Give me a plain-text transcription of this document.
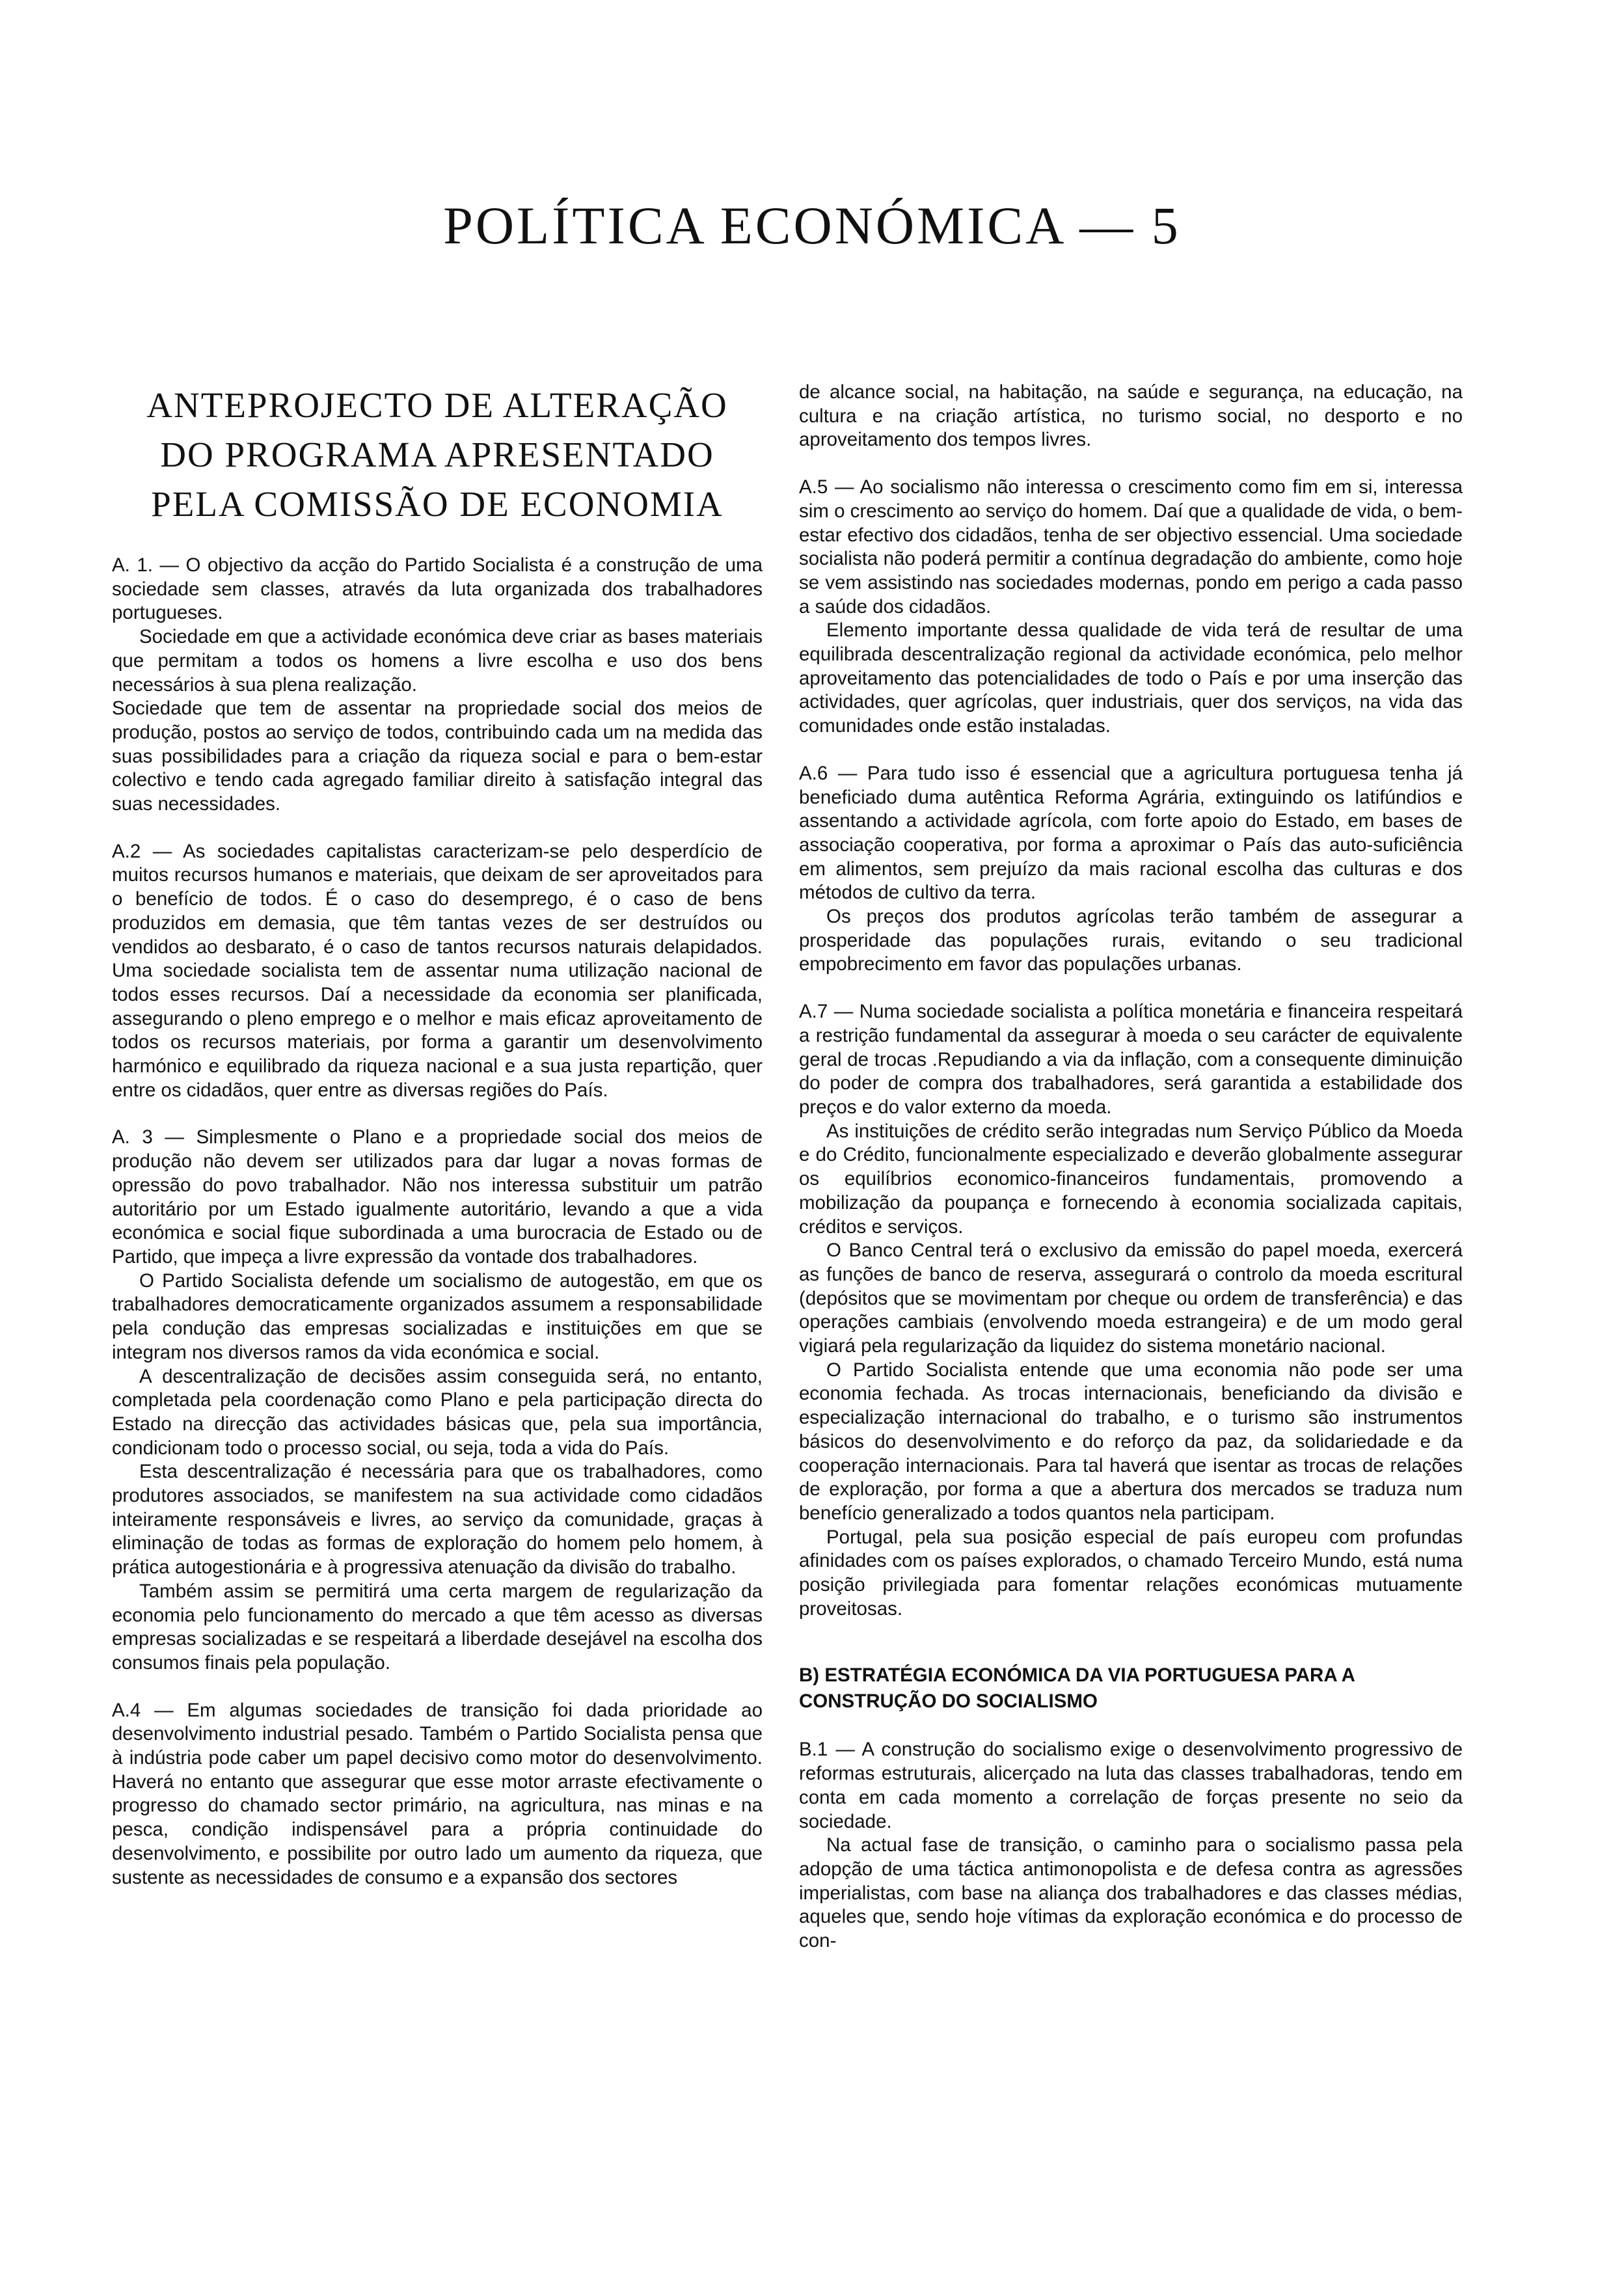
POLÍTICA ECONÓMICA — 5
ANTEPROJECTO DE ALTERAÇÃO
DO PROGRAMA APRESENTADO
PELA COMISSÃO DE ECONOMIA

A. 1. — O objectivo da acção do Partido Socialista é a construção de uma sociedade sem classes, através da luta organizada dos trabalhadores portugueses.

Sociedade em que a actividade económica deve criar as bases materiais que permitam a todos os homens a livre escolha e uso dos bens necessários à sua plena realização.

Sociedade que tem de assentar na propriedade social dos meios de produção, postos ao serviço de todos, contribuindo cada um na medida das suas possibilidades para a criação da riqueza social e para o bem-estar colectivo e tendo cada agregado familiar direito à satisfação integral das suas necessidades.

A.2 — As sociedades capitalistas caracterizam-se pelo desperdício de muitos recursos humanos e materiais, que deixam de ser aproveitados para o benefício de todos. É o caso do desemprego, é o caso de bens produzidos em demasia, que têm tantas vezes de ser destruídos ou vendidos ao desbarato, é o caso de tantos recursos naturais delapidados. Uma sociedade socialista tem de assentar numa utilização nacional de todos esses recursos. Daí a necessidade da economia ser planificada, assegurando o pleno emprego e o melhor e mais eficaz aproveitamento de todos os recursos materiais, por forma a garantir um desenvolvimento harmónico e equilibrado da riqueza nacional e a sua justa repartição, quer entre os cidadãos, quer entre as diversas regiões do País.

A. 3 — Simplesmente o Plano e a propriedade social dos meios de produção não devem ser utilizados para dar lugar a novas formas de opressão do povo trabalhador. Não nos interessa substituir um patrão autoritário por um Estado igualmente autoritário, levando a que a vida económica e social fique subordinada a uma burocracia de Estado ou de Partido, que impeça a livre expressão da vontade dos trabalhadores.

O Partido Socialista defende um socialismo de autogestão, em que os trabalhadores democraticamente organizados assumem a responsabilidade pela condução das empresas socializadas e instituições em que se integram nos diversos ramos da vida económica e social.

A descentralização de decisões assim conseguida será, no entanto, completada pela coordenação como Plano e pela participação directa do Estado na direcção das actividades básicas que, pela sua importância, condicionam todo o processo social, ou seja, toda a vida do País.

Esta descentralização é necessária para que os trabalhadores, como produtores associados, se manifestem na sua actividade como cidadãos inteiramente responsáveis e livres, ao serviço da comunidade, graças à eliminação de todas as formas de exploração do homem pelo homem, à prática autogestionária e à progressiva atenuação da divisão do trabalho.

Também assim se permitirá uma certa margem de regularização da economia pelo funcionamento do mercado a que têm acesso as diversas empresas socializadas e se respeitará a liberdade desejável na escolha dos consumos finais pela população.

A.4 — Em algumas sociedades de transição foi dada prioridade ao desenvolvimento industrial pesado. Também o Partido Socialista pensa que à indústria pode caber um papel decisivo como motor do desenvolvimento. Haverá no entanto que assegurar que esse motor arraste efectivamente o progresso do chamado sector primário, na agricultura, nas minas e na pesca, condição indispensável para a própria continuidade do desenvolvimento, e possibilite por outro lado um aumento da riqueza, que sustente as necessidades de consumo e a expansão dos sectores

de alcance social, na habitação, na saúde e segurança, na educação, na cultura e na criação artística, no turismo social, no desporto e no aproveitamento dos tempos livres.

A.5 — Ao socialismo não interessa o crescimento como fim em si, interessa sim o crescimento ao serviço do homem. Daí que a qualidade de vida, o bem-estar efectivo dos cidadãos, tenha de ser objectivo essencial. Uma sociedade socialista não poderá permitir a contínua degradação do ambiente, como hoje se vem assistindo nas sociedades modernas, pondo em perigo a cada passo a saúde dos cidadãos.

Elemento importante dessa qualidade de vida terá de resultar de uma equilibrada descentralização regional da actividade económica, pelo melhor aproveitamento das potencialidades de todo o País e por uma inserção das actividades, quer agrícolas, quer industriais, quer dos serviços, na vida das comunidades onde estão instaladas.

A.6 — Para tudo isso é essencial que a agricultura portuguesa tenha já beneficiado duma autêntica Reforma Agrária, extinguindo os latifúndios e assentando a actividade agrícola, com forte apoio do Estado, em bases de associação cooperativa, por forma a aproximar o País das auto-suficiência em alimentos, sem prejuízo da mais racional escolha das culturas e dos métodos de cultivo da terra.

Os preços dos produtos agrícolas terão também de assegurar a prosperidade das populações rurais, evitando o seu tradicional empobrecimento em favor das populações urbanas.

A.7 — Numa sociedade socialista a política monetária e financeira respeitará a restrição fundamental da assegurar à moeda o seu carácter de equivalente geral de trocas .Repudiando a via da inflação, com a consequente diminuição do poder de compra dos trabalhadores, será garantida a estabilidade dos preços e do valor externo da moeda.

As instituições de crédito serão integradas num Serviço Público da Moeda e do Crédito, funcionalmente especializado e deverão globalmente assegurar os equilíbrios economico-financeiros fundamentais, promovendo a mobilização da poupança e fornecendo à economia socializada capitais, créditos e serviços.

O Banco Central terá o exclusivo da emissão do papel moeda, exercerá as funções de banco de reserva, assegurará o controlo da moeda escritural (depósitos que se movimentam por cheque ou ordem de transferência) e das operações cambiais (envolvendo moeda estrangeira) e de um modo geral vigiará pela regularização da liquidez do sistema monetário nacional.

O Partido Socialista entende que uma economia não pode ser uma economia fechada. As trocas internacionais, beneficiando da divisão e especialização internacional do trabalho, e o turismo são instrumentos básicos do desenvolvimento e do reforço da paz, da solidariedade e da cooperação internacionais. Para tal haverá que isentar as trocas de relações de exploração, por forma a que a abertura dos mercados se traduza num benefício generalizado a todos quantos nela participam.

Portugal, pela sua posição especial de país europeu com profundas afinidades com os países explorados, o chamado Terceiro Mundo, está numa posição privilegiada para fomentar relações económicas mutuamente proveitosas.

B) ESTRATÉGIA ECONÓMICA DA VIA PORTUGUESA PARA A CONSTRUÇÃO DO SOCIALISMO

B.1 — A construção do socialismo exige o desenvolvimento progressivo de reformas estruturais, alicerçado na luta das classes trabalhadoras, tendo em conta em cada momento a correlação de forças presente no seio da sociedade.

Na actual fase de transição, o caminho para o socialismo passa pela adopção de uma táctica antimonopolista e de defesa contra as agressões imperialistas, com base na aliança dos trabalhadores e das classes médias, aqueles que, sendo hoje vítimas da exploração económica e do processo de con-
